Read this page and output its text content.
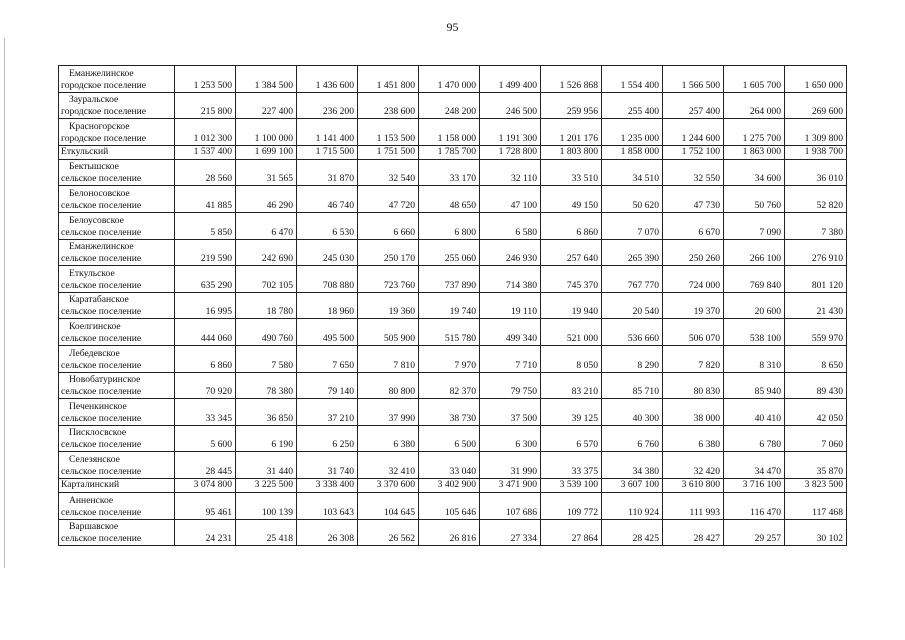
95
Еманжелинское
городское поселение	1 253 500	1 384 500	1 436 600	1 451 800	1 470 000	1 499 400	1 526 868	1 554 400	1 566 500	1 605 700	1 650 000

Зауральское
городское поселение	215 800	227 400	236 200	238 600	248 200	246 500	259 956	255 400	257 400	264 000	269 600

Красногорское
городское поселение	1 012 300	1 100 000	1 141 400	1 153 500	1 158 000	1 191 300	1 201 176	1 235 000	1 244 600	1 275 700	1 309 800

Еткульский	1 537 400	1 699 100	1 715 500	1 751 500	1 785 700	1 728 800	1 803 800	1 858 000	1 752 100	1 863 000	1 938 700

Бектышское
сельское поселение	28 560	31 565	31 870	32 540	33 170	32 110	33 510	34 510	32 550	34 600	36 010

Белоносовское
сельское поселение	41 885	46 290	46 740	47 720	48 650	47 100	49 150	50 620	47 730	50 760	52 820

Белоусовское
сельское поселение	5 850	6 470	6 530	6 660	6 800	6 580	6 860	7 070	6 670	7 090	7 380

Еманжелинское
сельское поселение	219 590	242 690	245 030	250 170	255 060	246 930	257 640	265 390	250 260	266 100	276 910

Еткульское
сельское поселение	635 290	702 105	708 880	723 760	737 890	714 380	745 370	767 770	724 000	769 840	801 120

Каратабанское
сельское поселение	16 995	18 780	18 960	19 360	19 740	19 110	19 940	20 540	19 370	20 600	21 430

Коелгинское
сельское поселение	444 060	490 760	495 500	505 900	515 780	499 340	521 000	536 660	506 070	538 100	559 970

Лебедевское
сельское поселение	6 860	7 580	7 650	7 810	7 970	7 710	8 050	8 290	7 820	8 310	8 650

Новобатуринское
сельское поселение	70 920	78 380	79 140	80 800	82 370	79 750	83 210	85 710	80 830	85 940	89 430

Печенкинское
сельское поселение	33 345	36 850	37 210	37 990	38 730	37 500	39 125	40 300	38 000	40 410	42 050

Писклосвское
сельское поселение	5 600	6 190	6 250	6 380	6 500	6 300	6 570	6 760	6 380	6 780	7 060

Селезянское
сельское поселение	28 445	31 440	31 740	32 410	33 040	31 990	33 375	34 380	32 420	34 470	35 870

Карталинский	3 074 800	3 225 500	3 338 400	3 370 600	3 402 900	3 471 900	3 539 100	3 607 100	3 610 800	3 716 100	3 823 500

Анненское
сельское поселение	95 461	100 139	103 643	104 645	105 646	107 686	109 772	110 924	111 993	116 470	117 468

Варшавское
сельское поселение	24 231	25 418	26 308	26 562	26 816	27 334	27 864	28 425	28 427	29 257	30 102
